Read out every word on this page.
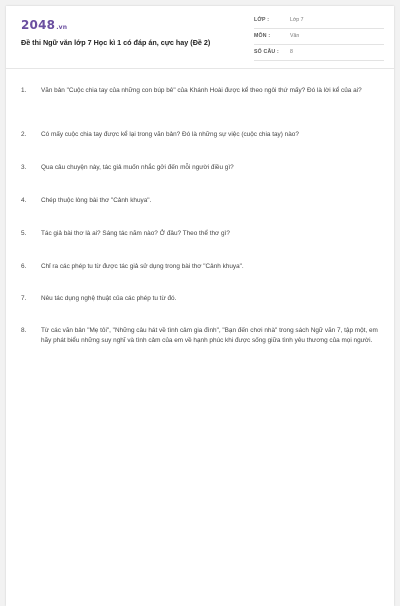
2048.vn
Đề thi Ngữ văn lớp 7 Học kì 1 có đáp án, cực hay (Đề 2)
LỚP :	Lớp 7
MÔN :	Văn
SỐ CÂU : 8
1.	Văn bản "Cuộc chia tay của những con búp bê" của Khánh Hoài được kể theo ngôi thứ mấy? Đó là lời kể của ai?
2.	Có mấy cuộc chia tay được kể lại trong văn bản? Đó là những sự việc (cuộc chia tay) nào?
3.	Qua câu chuyện này, tác giả muốn nhắc gởi đến mỗi người điều gì?
4.	Chép thuộc lòng bài thơ "Cảnh khuya".
5.	Tác giả bài thơ là ai? Sáng tác năm nào? Ở đâu? Theo thể thơ gì?
6.	Chỉ ra các phép tu từ được tác giả sử dụng trong bài thơ "Cảnh khuya".
7.	Nêu tác dụng nghệ thuật của các phép tu từ đó.
8.	Từ các văn bản "Mẹ tôi", "Những câu hát về tình cảm gia đình", "Bạn đến chơi nhà" trong sách Ngữ văn 7, tập một, em hãy phát biểu những suy nghĩ và tình cảm của em về hạnh phúc khi được sống giữa tình yêu thương của mọi người.
